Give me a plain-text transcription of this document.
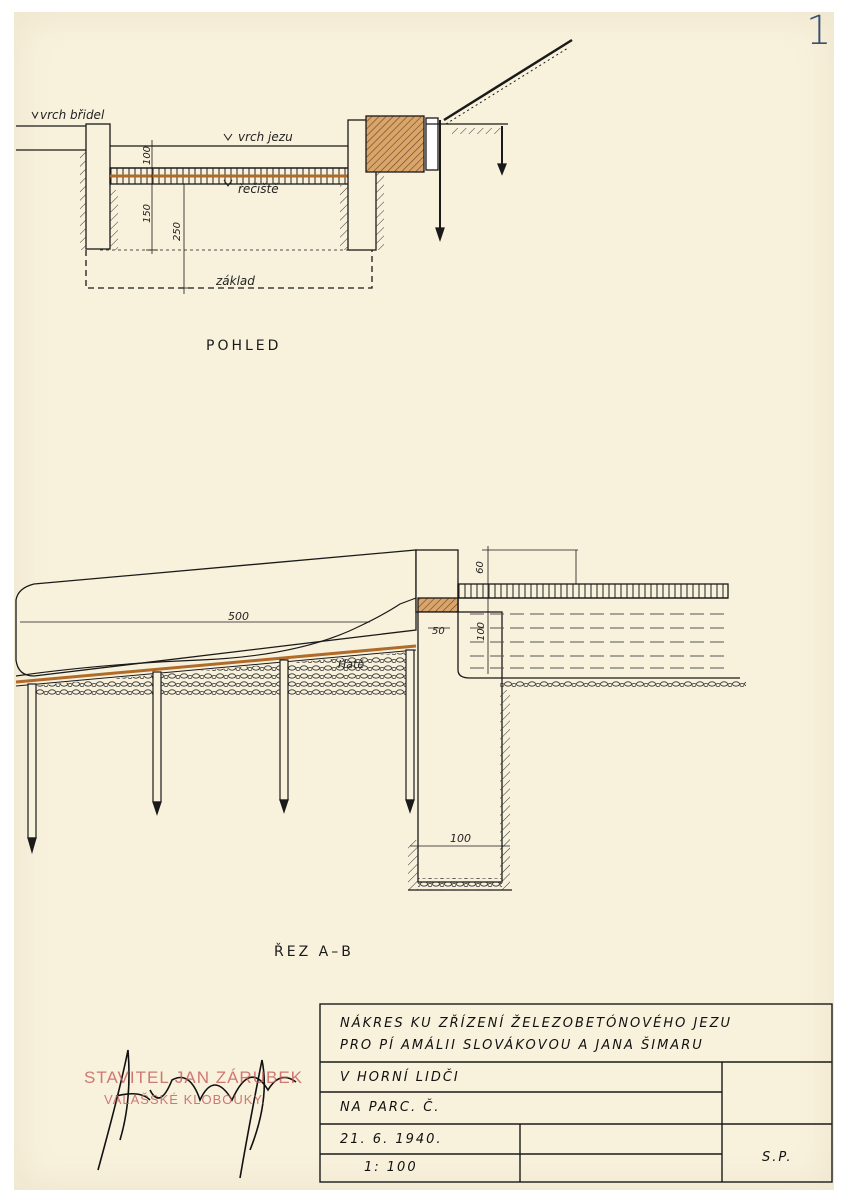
1
vrch břidel
vrch jezu
řečiště
základ
100
150
250
POHLED
500
60
50	100
100
Hatě
ŘEZ A–B
NÁKRES KU ZŘÍZENÍ ŽELEZOBETÓNOVÉHO JEZU
PRO PÍ AMÁLII SLOVÁKOVOU A JANA ŠIMARU
V HORNÍ LIDČI
NA PARC. Č.
21. 6. 1940.
1: 100
S.P.
STAVITEL JAN ZÁRUBEK
VALAŠSKÉ KLOBOUKY.
